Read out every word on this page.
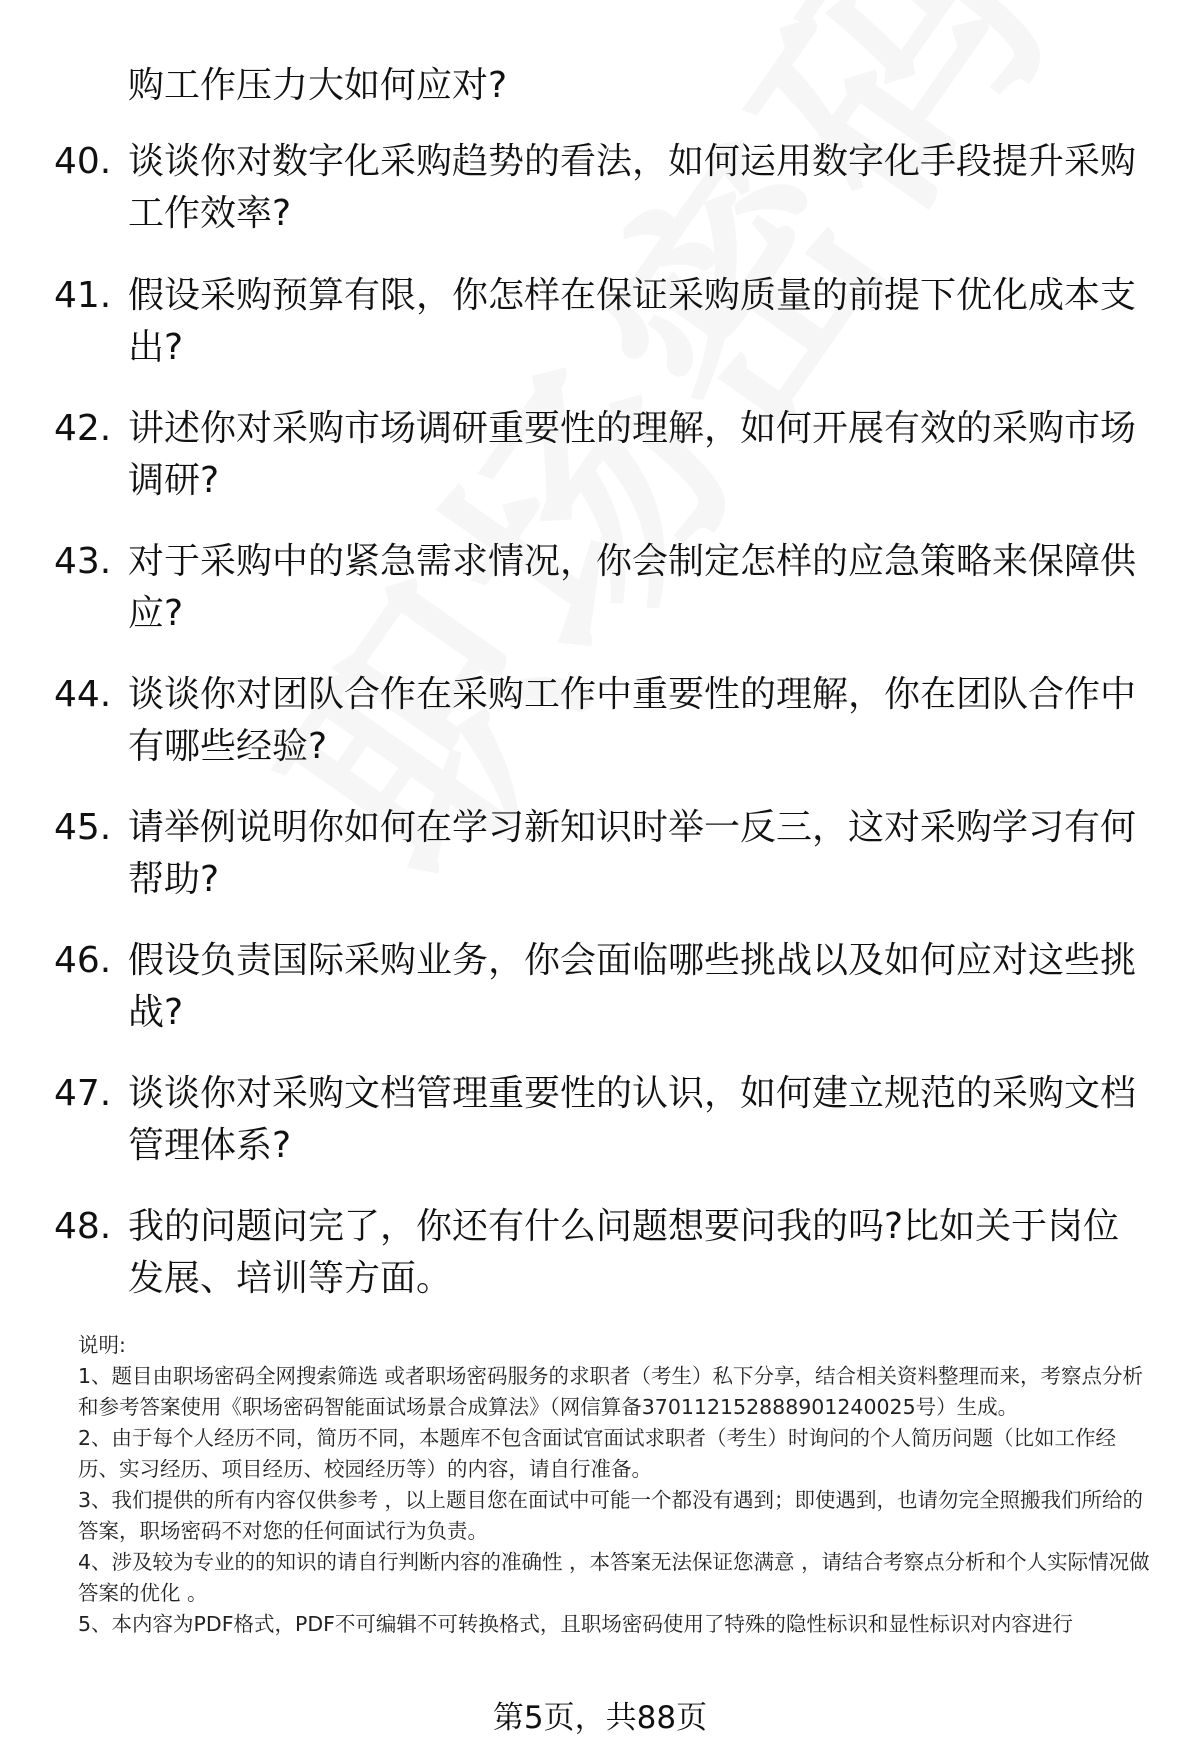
购工作压力大如何应对?
40. 谈谈你对数字化采购趋势的看法，如何运用数字化手段提升采购工作效率?
41. 假设采购预算有限，你怎样在保证采购质量的前提下优化成本支出?
42. 讲述你对采购市场调研重要性的理解，如何开展有效的采购市场调研?
43. 对于采购中的紧急需求情况，你会制定怎样的应急策略来保障供应?
44. 谈谈你对团队合作在采购工作中重要性的理解，你在团队合作中有哪些经验?
45. 请举例说明你如何在学习新知识时举一反三，这对采购学习有何帮助?
46. 假设负责国际采购业务，你会面临哪些挑战以及如何应对这些挑战?
47. 谈谈你对采购文档管理重要性的认识，如何建立规范的采购文档管理体系?
48. 我的问题问完了，你还有什么问题想要问我的吗?比如关于岗位发展、培训等方面。

说明:

1、题目由职场密码全网搜索筛选 或者职场密码服务的求职者（考生）私下分享，结合相关资料整理而来，考察点分析和参考答案使用《职场密码智能面试场景合成算法》（网信算备370112152888901240025号）生成。

2、由于每个人经历不同，简历不同，本题库不包含面试官面试求职者（考生）时询问的个人简历问题（比如工作经历、实习经历、项目经历、校园经历等）的内容，请自行准备。

3、我们提供的所有内容仅供参考 ，以上题目您在面试中可能一个都没有遇到；即使遇到，也请勿完全照搬我们所给的答案，职场密码不对您的任何面试行为负责。

4、涉及较为专业的的知识的请自行判断内容的准确性 ，本答案无法保证您满意 ，请结合考察点分析和个人实际情况做答案的优化 。

5、本内容为PDF格式，PDF不可编辑不可转换格式，且职场密码使用了特殊的隐性标识和显性标识对内容进行

第5页，共88页
